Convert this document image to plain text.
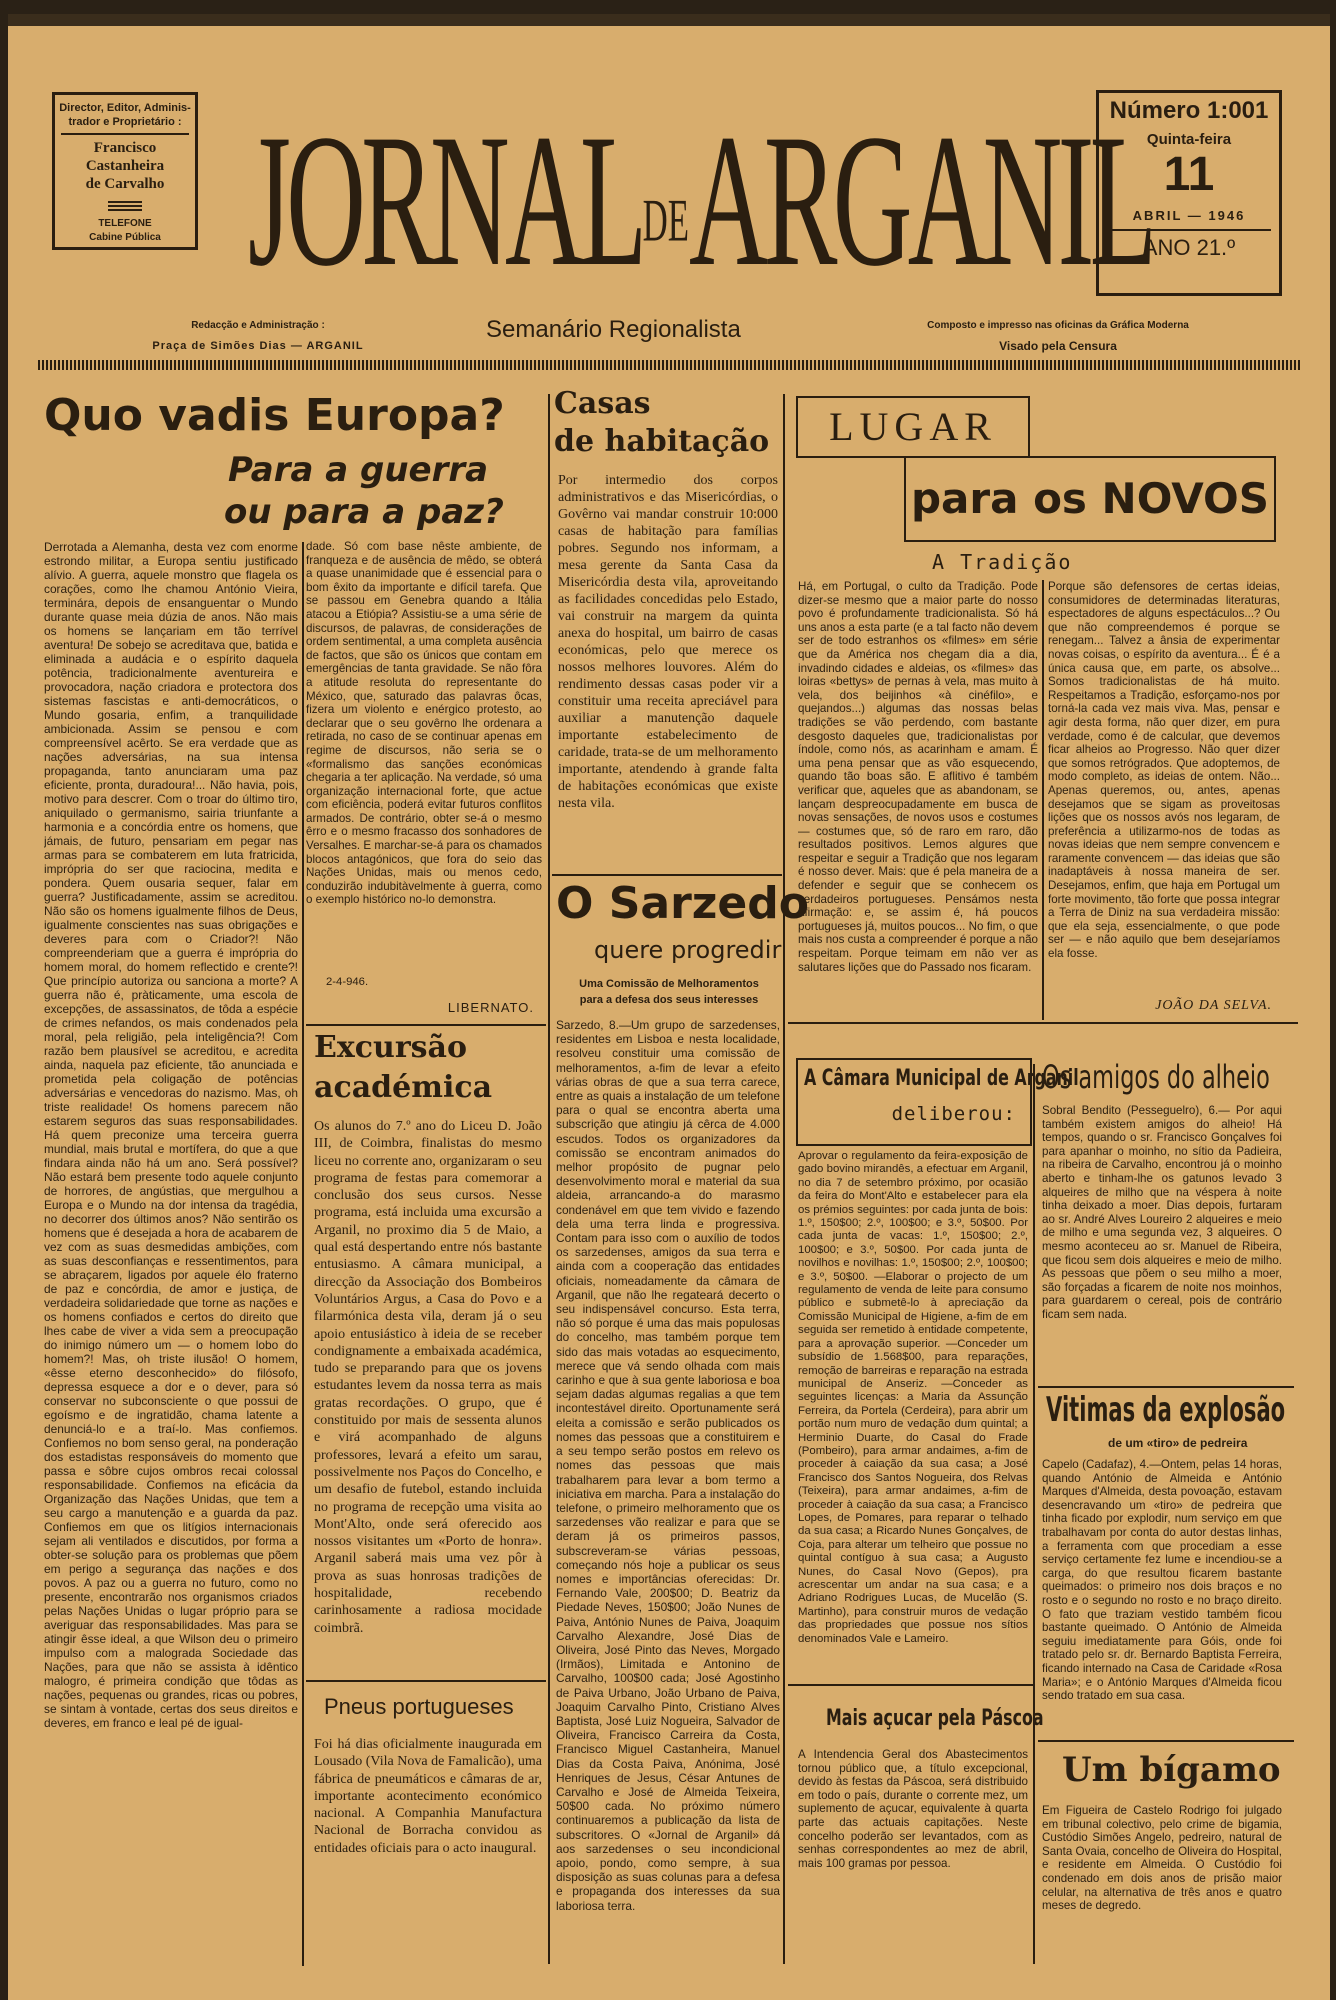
Director, Editor, Adminis-
trador e Proprietário :
Francisco Castanheira
de Carvalho
TELEFONE
Cabine Pública
Redacção e Administração :
Praça de Simões Dias — ARGANIL
JORNALDEARGANIL
Semanário Regionalista	Composto e impresso nas oficinas da Gráfica Moderna
Visado pela Censura
Número 1:001
Quinta-feira
11
ABRIL — 1946
ANO 21.º
Quo vadis Europa?
Para a guerra
ou para a paz?

Derrotada a Alemanha, desta vez com enorme estrondo militar, a Europa sentiu justificado alívio. A guerra, aquele monstro que flagela os corações, como lhe chamou António Vieira, terminára, depois de ensanguentar o Mundo durante quase meia dúzia de anos. Não mais os homens se lançariam em tão terrível aventura! De sobejo se acreditava que, batida e eliminada a audácia e o espírito daquela potência, tradicionalmente aventureira e provocadora, nação criadora e protectora dos sistemas fascistas e anti-democráticos, o Mundo gosaria, enfim, a tranquilidade ambicionada. Assim se pensou e com compreensível acêrto. Se era verdade que as nações adversárias, na sua intensa propaganda, tanto anunciaram uma paz eficiente, pronta, duradoura!... Não havia, pois, motivo para descrer. Com o troar do último tiro, aniquilado o germanismo, sairia triunfante a harmonia e a concórdia entre os homens, que jámais, de futuro, pensariam em pegar nas armas para se combaterem em luta fratricida, imprópria do ser que raciocina, medita e pondera. Quem ousaria sequer, falar em guerra? Justificadamente, assim se acreditou. Não são os homens igualmente filhos de Deus, igualmente conscientes nas suas obrigações e deveres para com o Criador?! Não compreenderiam que a guerra é imprópria do homem moral, do homem reflectido e crente?! Que princípio autoriza ou sanciona a morte? A guerra não é, pràticamente, uma escola de excepções, de assassinatos, de tôda a espécie de crimes nefandos, os mais condenados pela moral, pela religião, pela inteligência?! Com razão bem plausível se acreditou, e acredita ainda, naquela paz eficiente, tão anunciada e prometida pela coligação de potências adversárias e vencedoras do nazismo. Mas, oh triste realidade! Os homens parecem não estarem seguros das suas responsabilidades. Há quem preconize uma terceira guerra mundial, mais brutal e mortífera, do que a que findara ainda não há um ano. Será possível? Não estará bem presente todo aquele conjunto de horrores, de angústias, que mergulhou a Europa e o Mundo na dor intensa da tragédia, no decorrer dos últimos anos? Não sentirão os homens que é desejada a hora de acabarem de vez com as suas desmedidas ambições, com as suas desconfianças e ressentimentos, para se abraçarem, ligados por aquele élo fraterno de paz e concórdia, de amor e justiça, de verdadeira solidariedade que torne as nações e os homens confiados e certos do direito que lhes cabe de viver a vida sem a preocupação do inimigo número um — o homem lobo do homem?! Mas, oh triste ilusão! O homem, «êsse eterno desconhecido» do filósofo, depressa esquece a dor e o dever, para só conservar no subconsciente o que possui de egoísmo e de ingratidão, chama latente a denunciá-lo e a traí-lo. Mas confiemos. Confiemos no bom senso geral, na ponderação dos estadistas responsáveis do momento que passa e sôbre cujos ombros recai colossal responsabilidade. Confiemos na eficácia da Organização das Nações Unidas, que tem a seu cargo a manutenção e a guarda da paz. Confiemos em que os litígios internacionais sejam ali ventilados e discutidos, por forma a obter-se solução para os problemas que põem em perigo a segurança das nações e dos povos. A paz ou a guerra no futuro, como no presente, encontrarão nos organismos criados pelas Nações Unidas o lugar próprio para se averiguar das responsabilidades. Mas para se atingir êsse ideal, a que Wilson deu o primeiro impulso com a malograda Sociedade das Nações, para que não se assista à idêntico malogro, é primeira condição que tôdas as nações, pequenas ou grandes, ricas ou pobres, se sintam à vontade, certas dos seus direitos e deveres, em franco e leal pé de igual-

dade. Só com base nêste ambiente, de franqueza e de ausência de mêdo, se obterá a quase unanimidade que é essencial para o bom êxito da importante e difícil tarefa. Que se passou em Genebra quando a Itália atacou a Etiópia? Assistiu-se a uma série de discursos, de palavras, de considerações de ordem sentimental, a uma completa ausência de factos, que são os únicos que contam em emergências de tanta gravidade. Se não fôra a atitude resoluta do representante do México, que, saturado das palavras ôcas, fizera um violento e enérgico protesto, ao declarar que o seu govêrno lhe ordenara a retirada, no caso de se continuar apenas em regime de discursos, não seria se o «formalismo das sanções económicas chegaria a ter aplicação. Na verdade, só uma organização internacional forte, que actue com eficiência, poderá evitar futuros conflitos armados. De contrário, obter se-á o mesmo êrro e o mesmo fracasso dos sonhadores de Versalhes. E marchar-se-á para os chamados blocos antagónicos, que fora do seio das Nações Unidas, mais ou menos cedo, conduzirão indubitàvelmente à guerra, como o exemplo histórico no-lo demonstra.

2-4-946.
LIBERNATO.
Excursão
académica

Os alunos do 7.º ano do Liceu D. João III, de Coimbra, finalistas do mesmo liceu no corrente ano, organizaram o seu programa de festas para comemorar a conclusão dos seus cursos. Nesse programa, está incluida uma excursão a Arganil, no proximo dia 5 de Maio, a qual está despertando entre nós bastante entusiasmo. A câmara municipal, a direcção da Associação dos Bombeiros Voluntários Argus, a Casa do Povo e a filarmónica desta vila, deram já o seu apoio entusiástico à ideia de se receber condignamente a embaixada académica, tudo se preparando para que os jovens estudantes levem da nossa terra as mais gratas recordações. O grupo, que é constituido por mais de sessenta alunos e virá acompanhado de alguns professores, levará a efeito um sarau, possivelmente nos Paços do Concelho, e um desafio de futebol, estando incluida no programa de recepção uma visita ao Mont'Alto, onde será oferecido aos nossos visitantes um «Porto de honra». Arganil saberá mais uma vez pôr à prova as suas honrosas tradições de hospitalidade, recebendo carinhosamente a radiosa mocidade coimbrã.

Pneus portugueses

Foi há dias oficialmente inaugurada em Lousado (Vila Nova de Famalicão), uma fábrica de pneumáticos e câmaras de ar, importante acontecimento económico nacional. A Companhia Manufactura Nacional de Borracha convidou as entidades oficiais para o acto inaugural.

Casas
de habitação

Por intermedio dos corpos administrativos e das Misericórdias, o Govêrno vai mandar construir 10:000 casas de habitação para famílias pobres. Segundo nos informam, a mesa gerente da Santa Casa da Misericórdia desta vila, aproveitando as facilidades concedidas pelo Estado, vai construir na margem da quinta anexa do hospital, um bairro de casas económicas, pelo que merece os nossos melhores louvores. Além do rendimento dessas casas poder vir a constituir uma receita apreciável para auxiliar a manutenção daquele importante estabelecimento de caridade, trata-se de um melhoramento importante, atendendo à grande falta de habitações económicas que existe nesta vila.

O Sarzedo
quere progredir
Uma Comissão de Melhoramentos
para a defesa dos seus interesses

Sarzedo, 8.—Um grupo de sarzedenses, residentes em Lisboa e nesta localidade, resolveu constituir uma comissão de melhoramentos, a-fim de levar a efeito várias obras de que a sua terra carece, entre as quais a instalação de um telefone para o qual se encontra aberta uma subscrição que atingiu já cêrca de 4.000 escudos. Todos os organizadores da comissão se encontram animados do melhor propósito de pugnar pelo desenvolvimento moral e material da sua aldeia, arrancando-a do marasmo condenável em que tem vivido e fazendo dela uma terra linda e progressiva. Contam para isso com o auxílio de todos os sarzedenses, amigos da sua terra e ainda com a cooperação das entidades oficiais, nomeadamente da câmara de Arganil, que não lhe regateará decerto o seu indispensável concurso. Esta terra, não só porque é uma das mais populosas do concelho, mas também porque tem sido das mais votadas ao esquecimento, merece que vá sendo olhada com mais carinho e que à sua gente laboriosa e boa sejam dadas algumas regalias a que tem incontestável direito. Oportunamente será eleita a comissão e serão publicados os nomes das pessoas que a constituirem e a seu tempo serão postos em relevo os nomes das pessoas que mais trabalharem para levar a bom termo a iniciativa em marcha. Para a instalação do telefone, o primeiro melhoramento que os sarzedenses vão realizar e para que se deram já os primeiros passos, subscreveram-se várias pessoas, começando nós hoje a publicar os seus nomes e importâncias oferecidas: Dr. Fernando Vale, 200$00; D. Beatriz da Piedade Neves, 150$00; João Nunes de Paiva, António Nunes de Paiva, Joaquim Carvalho Alexandre, José Dias de Oliveira, José Pinto das Neves, Morgado (Irmãos), Limitada e Antonino de Carvalho, 100$00 cada; José Agostinho de Paiva Urbano, João Urbano de Paiva, Joaquim Carvalho Pinto, Cristiano Alves Baptista, José Luiz Nogueira, Salvador de Oliveira, Francisco Carreira da Costa, Francisco Miguel Castanheira, Manuel Dias da Costa Paiva, Anónima, José Henriques de Jesus, César Antunes de Carvalho e José de Almeida Teixeira, 50$00 cada. No próximo número continuaremos a publicação da lista de subscritores. O «Jornal de Arganil» dá aos sarzedenses o seu incondicional apoio, pondo, como sempre, à sua disposição as suas colunas para a defesa e propaganda dos interesses da sua laboriosa terra.

LUGAR
para os NOVOS
A Tradição

Há, em Portugal, o culto da Tradição. Pode dizer-se mesmo que a maior parte do nosso povo é profundamente tradicionalista. Só há uns anos a esta parte (e a tal facto não devem ser de todo estranhos os «filmes» em série que da América nos chegam dia a dia, invadindo cidades e aldeias, os «filmes» das loiras «bettys» de pernas à vela, mas muito à vela, dos beijinhos «à cinéfilo», e quejandos...) algumas das nossas belas tradições se vão perdendo, com bastante desgosto daqueles que, tradicionalistas por índole, como nós, as acarinham e amam. É uma pena pensar que as vão esquecendo, quando tão boas são. E aflitivo é também verificar que, aqueles que as abandonam, se lançam despreocupadamente em busca de novas sensações, de novos usos e costumes — costumes que, só de raro em raro, dão resultados positivos. Lemos algures que respeitar e seguir a Tradição que nos legaram é nosso dever. Mais: que é pela maneira de a defender e seguir que se conhecem os verdadeiros portugueses. Pensámos nesta afirmação: e, se assim é, há poucos portugueses já, muitos poucos... No fim, o que mais nos custa a compreender é porque a não respeitam. Porque teimam em não ver as salutares lições que do Passado nos ficaram.

Porque são defensores de certas ideias, consumidores de determinadas literaturas, espectadores de alguns espectáculos...? Ou que não compreendemos é porque se renegam... Talvez a ânsia de experimentar novas coisas, o espírito da aventura... É é a única causa que, em parte, os absolve... Somos tradicionalistas de há muito. Respeitamos a Tradição, esforçamo-nos por torná-la cada vez mais viva. Mas, pensar e agir desta forma, não quer dizer, em pura verdade, como é de calcular, que devemos ficar alheios ao Progresso. Não quer dizer que somos retrógrados. Que adoptemos, de modo completo, as ideias de ontem. Não... Apenas queremos, ou, antes, apenas desejamos que se sigam as proveitosas lições que os nossos avós nos legaram, de preferência a utilizarmo-nos de todas as novas ideias que nem sempre convencem e raramente convencem — das ideias que são inadaptáveis à nossa maneira de ser. Desejamos, enfim, que haja em Portugal um forte movimento, tão forte que possa integrar a Terra de Diniz na sua verdadeira missão: que ela seja, essencialmente, o que pode ser — e não aquilo que bem desejaríamos ela fosse.

JOÃO DA SELVA.
A Câmara Municipal de Arganil
deliberou:

Aprovar o regulamento da feira-exposição de gado bovino mirandês, a efectuar em Arganil, no dia 7 de setembro próximo, por ocasião da feira do Mont'Alto e estabelecer para ela os prémios seguintes: por cada junta de bois: 1.º, 150$00; 2.º, 100$00; e 3.º, 50$00. Por cada junta de vacas: 1.º, 150$00; 2.º, 100$00; e 3.º, 50$00. Por cada junta de novilhos e novilhas: 1.º, 150$00; 2.º, 100$00; e 3.º, 50$00. —Elaborar o projecto de um regulamento de venda de leite para consumo público e submetê-lo à apreciação da Comissão Municipal de Higiene, a-fim de em seguida ser remetido à entidade competente, para a aprovação superior. —Conceder um subsídio de 1.568$00, para reparações, remoção de barreiras e reparação na estrada municipal de Anseriz. —Conceder as seguintes licenças: a Maria da Assunção Ferreira, da Portela (Cerdeira), para abrir um portão num muro de vedação dum quintal; a Herminio Duarte, do Casal do Frade (Pombeiro), para armar andaimes, a-fim de proceder à caiação da sua casa; a José Francisco dos Santos Nogueira, dos Relvas (Teixeira), para armar andaimes, a-fim de proceder à caiação da sua casa; a Francisco Lopes, de Pomares, para reparar o telhado da sua casa; a Ricardo Nunes Gonçalves, de Coja, para alterar um telheiro que possue no quintal contíguo à sua casa; a Augusto Nunes, do Casal Novo (Gepos), pra acrescentar um andar na sua casa; e a Adriano Rodrigues Lucas, de Mucelão (S. Martinho), para construir muros de vedação das propriedades que possue nos sítios denominados Vale e Lameiro.

Mais açucar pela Páscoa

A Intendencia Geral dos Abastecimentos tornou público que, a título excepcional, devido às festas da Páscoa, será distribuido em todo o país, durante o corrente mez, um suplemento de açucar, equivalente à quarta parte das actuais capitações. Neste concelho poderão ser levantados, com as senhas correspondentes ao mez de abril, mais 100 gramas por pessoa.

Os amigos do alheio

Sobral Bendito (Pesseguelro), 6.— Por aqui também existem amigos do alheio! Há tempos, quando o sr. Francisco Gonçalves foi para apanhar o moinho, no sítio da Padieira, na ribeira de Carvalho, encontrou já o moinho aberto e tinham-lhe os gatunos levado 3 alqueires de milho que na véspera à noite tinha deixado a moer. Dias depois, furtaram ao sr. André Alves Loureiro 2 alqueires e meio de milho e uma segunda vez, 3 alqueires. O mesmo aconteceu ao sr. Manuel de Ribeira, que ficou sem dois alqueires e meio de milho. As pessoas que põem o seu milho a moer, são forçadas a ficarem de noite nos moinhos, para guardarem o cereal, pois de contrário ficam sem nada.

Vitimas da explosão
de um «tiro» de pedreira

Capelo (Cadafaz), 4.—Ontem, pelas 14 horas, quando António de Almeida e António Marques d'Almeida, desta povoação, estavam desencravando um «tiro» de pedreira que tinha ficado por explodir, num serviço em que trabalhavam por conta do autor destas linhas, a ferramenta com que procediam a esse serviço certamente fez lume e incendiou-se a carga, do que resultou ficarem bastante queimados: o primeiro nos dois braços e no rosto e o segundo no rosto e no braço direito. O fato que traziam vestido também ficou bastante queimado. O António de Almeida seguiu imediatamente para Góis, onde foi tratado pelo sr. dr. Bernardo Baptista Ferreira, ficando internado na Casa de Caridade «Rosa Maria»; e o António Marques d'Almeida ficou sendo tratado em sua casa.

Um bígamo

Em Figueira de Castelo Rodrigo foi julgado em tribunal colectivo, pelo crime de bigamia, Custódio Simões Angelo, pedreiro, natural de Santa Ovaia, concelho de Oliveira do Hospital, e residente em Almeida. O Custódio foi condenado em dois anos de prisão maior celular, na alternativa de três anos e quatro meses de degredo.
